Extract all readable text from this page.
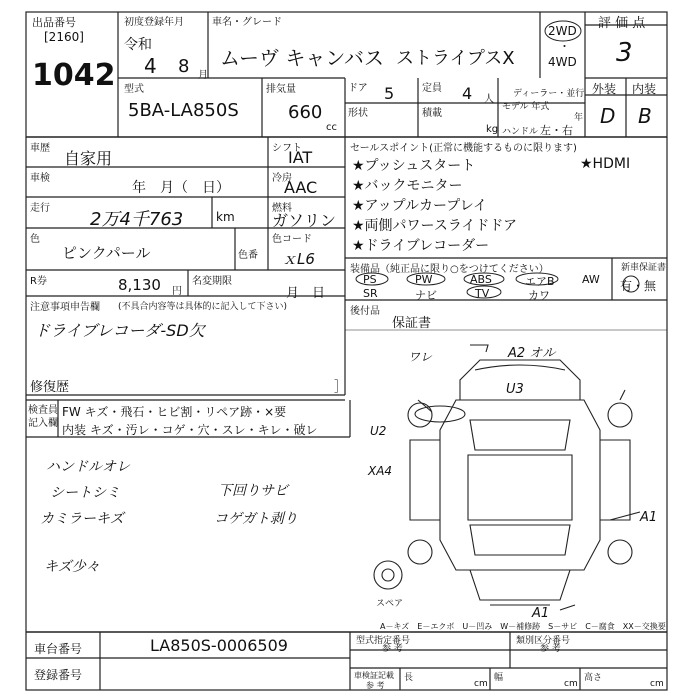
出品番号
[2160]
1042
初度登録年月
令和
4 8 月
車名・グレード
ムーヴ キャンバス ストライプスX
2WD
・
4WD
評 価 点
3
型式
5BA-LA850S
排気量
660
cc
ドア 5	定員 4 人
形状	積載
kg
ディーラー・並行
モデル 年式
年
ハンドル 左・右
外装 内装
D B
車歴
自家用
車検
年　月（　日）
走行
2万4千763	km
色
ピンクパール
シフト
IAT
冷房
AAC
燃料
ガソリン
色番
色コード
ｘL6
R券	8,130 円
名変期限
月　日
注意事項申告欄 (不具合内容等は具体的に記入して下さい)
ドライブレコーダ-SD欠
修復歴	］
セールスポイント(正常に機能するものに限ります)
★プッシュスタート
★バックモニター
★アップルカープレイ
★両側パワースライドドア
★ドライブレコーダー
★HDMI
装備品（純正品に限り○をつけてください）	新車保証書
有・無
PS	PW	ABS	エアB AW
SR	ナビ	TV	カワ
後付品
保証書
検査員
記入欄
FW キズ・飛石・ヒビ割・リペア跡・×要
内装 キズ・汚レ・コゲ・穴・スレ・キレ・破レ
ハンドルオレ
シートシミ
カミラーキズ
キズ少々
下回りサビ
コゲガト剥り
ワレ	A2 オル
U3
U2
XA4
A1
A1
スペア
A－キズ　E－エクボ　U－凹み　W－補修跡　S－サビ　C－腐食　XX－交換要
車台番号	LA850S-0006509
登録番号
型式指定番号
参 考
類別区分番号
参 考
車検証記載
参 考
長
cm
幅
cm
高さ
cm
